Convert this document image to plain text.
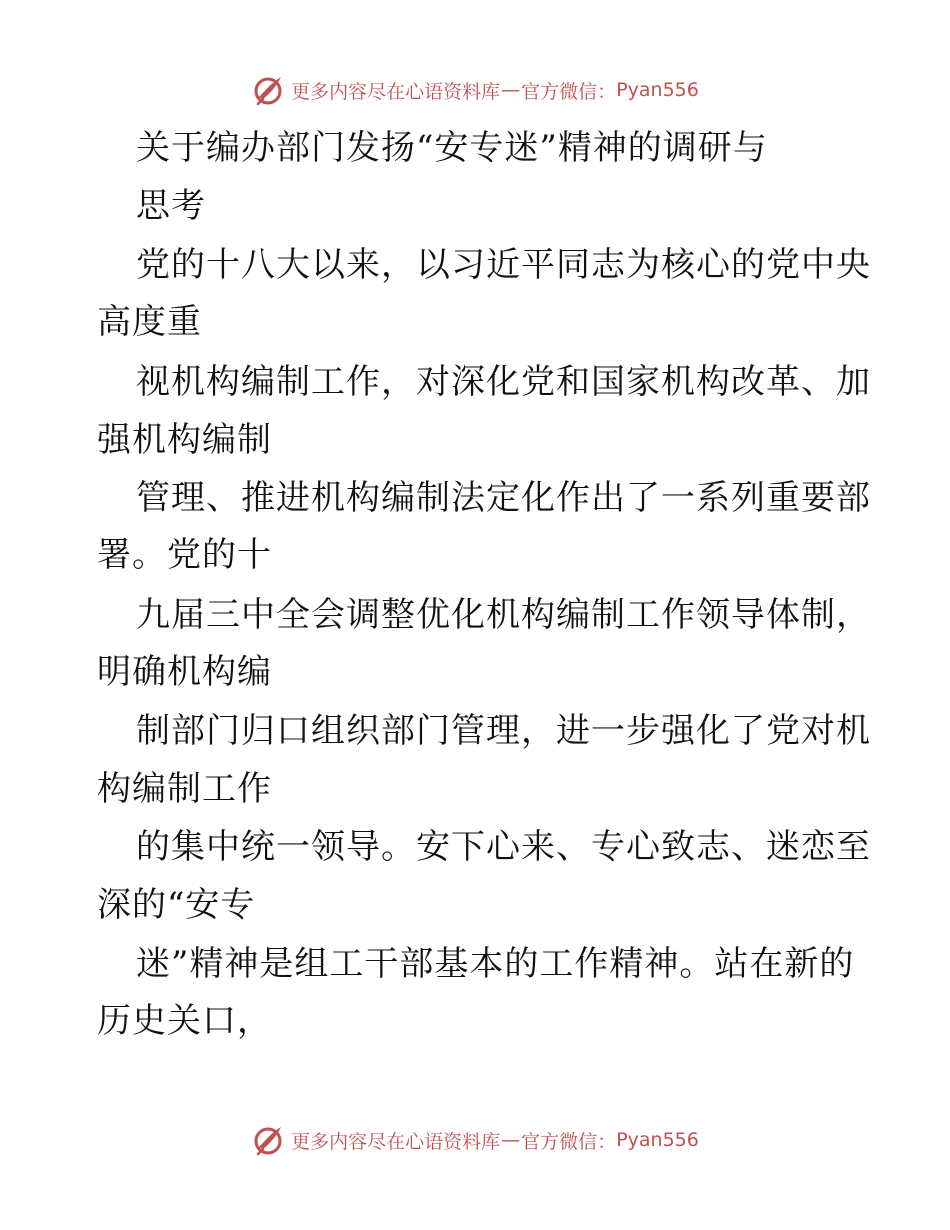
更多内容尽在心语资料库 — 官方微信： Pyan556
关于编办部门发扬“安专迷”精神的调研与
思考
党的十八大以来，以习近平同志为核心的党中央
高度重
视机构编制工作，对深化党和国家机构改革、加
强机构编制
管理、推进机构编制法定化作出了一系列重要部
署。党的十
九届三中全会调整优化机构编制工作领导体制，
明确机构编
制部门归口组织部门管理，进一步强化了党对机
构编制工作
的集中统一领导。安下心来、专心致志、迷恋至
深的“安专
迷”精神是组工干部基本的工作精神。站在新的
历史关口，
更多内容尽在心语资料库 — 官方微信： Pyan556
